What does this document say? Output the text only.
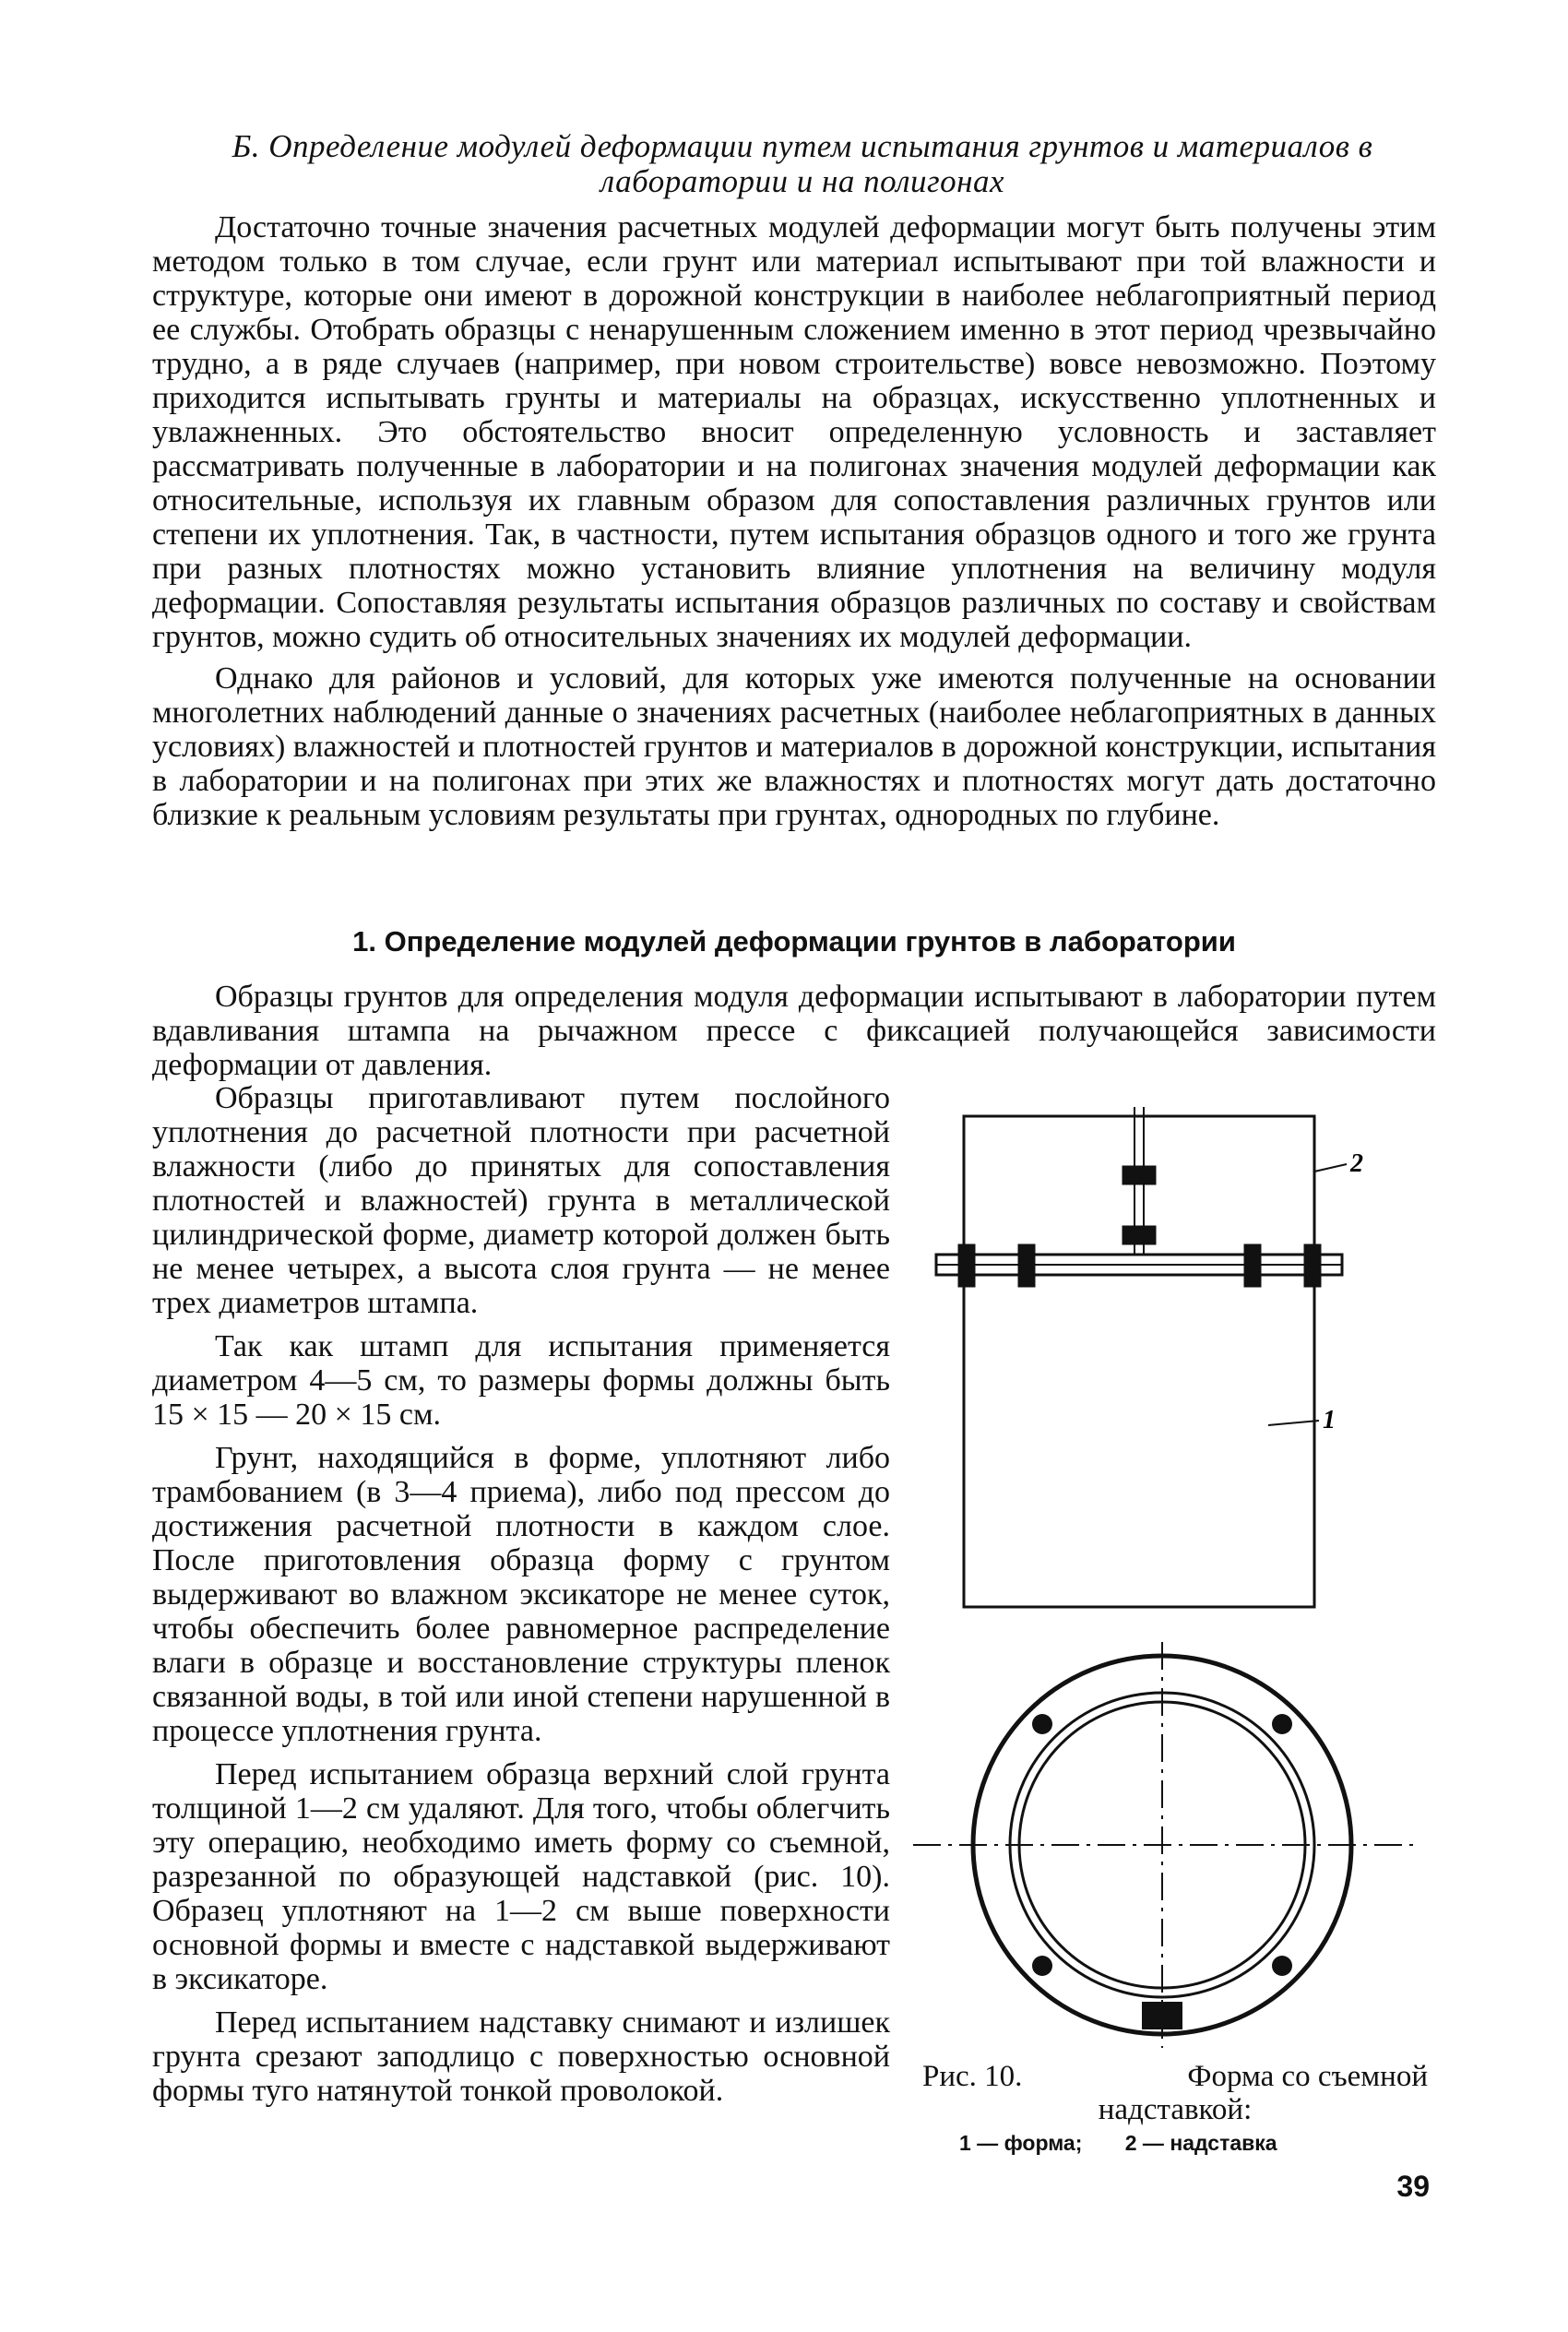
Б. Определение модулей деформации путем испытания грунтов и материалов в лаборатории и на полигонах

Достаточно точные значения расчетных модулей деформации могут быть получены этим методом только в том случае, если грунт или материал испытывают при той влажности и структуре, которые они имеют в дорожной конструкции в наиболее неблагоприятный период ее службы. Отобрать образцы с ненарушенным сложением именно в этот период чрезвычайно трудно, а в ряде случаев (например, при новом строительстве) вовсе невозможно. Поэтому приходится испытывать грунты и материалы на образцах, искусственно уплотненных и увлажненных. Это обстоятельство вносит определенную условность и заставляет рассматривать полученные в лаборатории и на полигонах значения модулей деформации как относительные, используя их главным образом для сопоставления различных грунтов или степени их уплотнения. Так, в частности, путем испытания образцов одного и того же грунта при разных плотностях можно установить влияние уплотнения на величину модуля деформации. Сопоставляя результаты испытания образцов различных по составу и свойствам грунтов, можно судить об относительных значениях их модулей деформации.

Однако для районов и условий, для которых уже имеются полученные на основании многолетних наблюдений данные о значениях расчетных (наиболее неблагоприятных в данных условиях) влажностей и плотностей грунтов и материалов в дорожной конструкции, испытания в лаборатории и на полигонах при этих же влажностях и плотностях могут дать достаточно близкие к реальным условиям результаты при грунтах, однородных по глубине.

1. Определение модулей деформации грунтов в лаборатории

Образцы грунтов для определения модуля деформации испытывают в лаборатории путем вдавливания штампа на рычажном прессе с фиксацией получающейся зависимости деформации от давления.

Образцы приготавливают путем послойного уплотнения до расчетной плотности при расчетной влажности (либо до принятых для сопоставления плотностей и влажностей) грунта в металлической цилиндрической форме, диаметр которой должен быть не менее четырех, а высота слоя грунта — не менее трех диаметров штампа.

Так как штамп для испытания применяется диаметром 4—5 см, то размеры формы должны быть 15 × 15 — 20 × 15 см.

Грунт, находящийся в форме, уплотняют либо трамбованием (в 3—4 приема), либо под прессом до достижения расчетной плотности в каждом слое. После приготовления образца форму с грунтом выдерживают во влажном эксикаторе не менее суток, чтобы обеспечить более равномерное распределение влаги в образце и восстановление структуры пленок связанной воды, в той или иной степени нарушенной в процессе уплотнения грунта.

Перед испытанием образца верхний слой грунта толщиной 1—2 см удаляют. Для того, чтобы облегчить эту операцию, необходимо иметь форму со съемной, разрезанной по образующей надставкой (рис. 10). Образец уплотняют на 1—2 см выше поверхности основной формы и вместе с надставкой выдерживают в эксикаторе.

Перед испытанием надставку снимают и излишек грунта срезают заподлицо с поверхностью основной формы туго натянутой тонкой проволокой.

2
1
Рис. 10.	Форма со съемной
надставкой:
1 — форма; 2 — надставка
39
